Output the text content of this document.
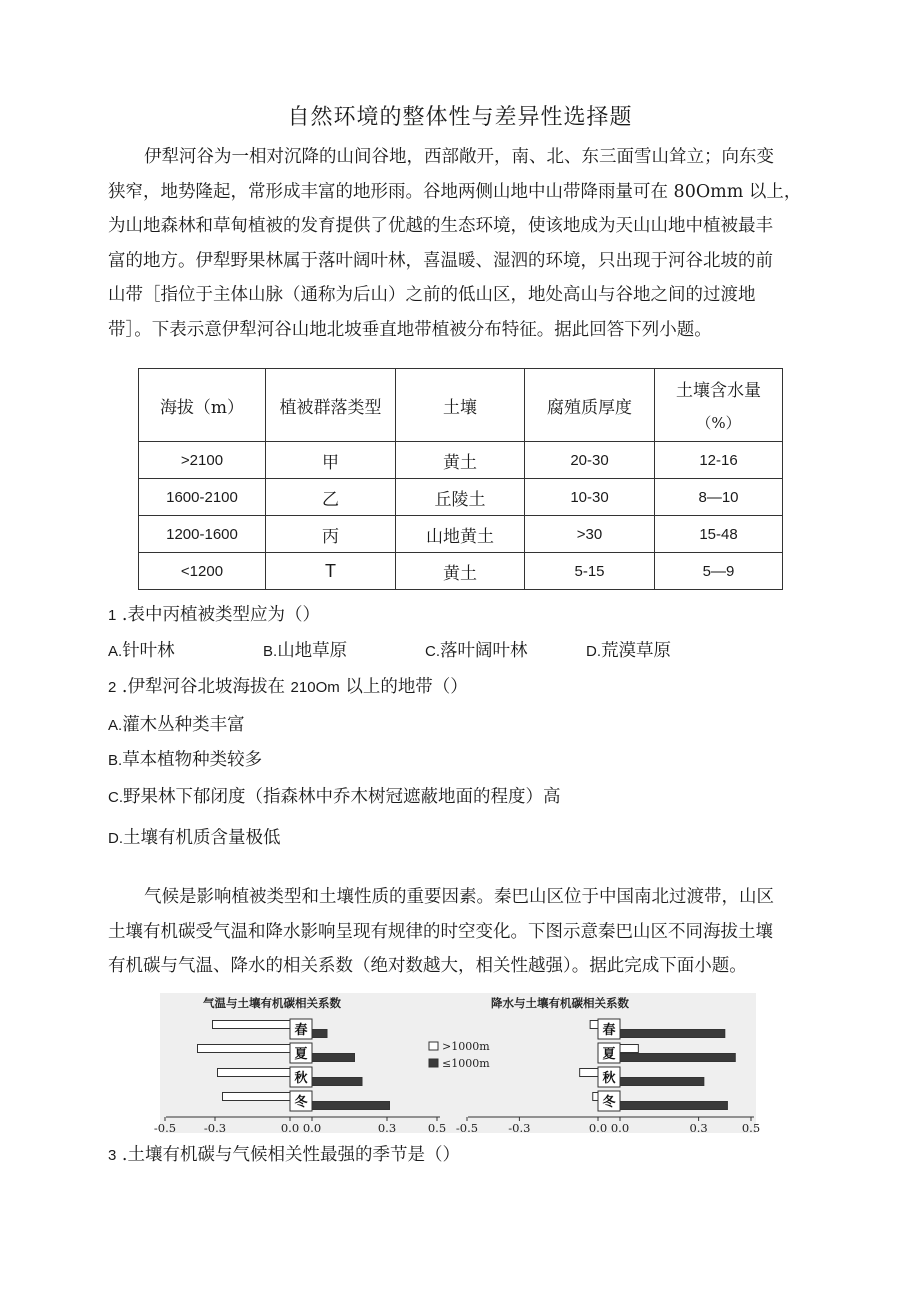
自然环境的整体性与差异性选择题

伊犁河谷为一相对沉降的山间谷地，西部敞开，南、北、东三面雪山耸立；向东变
狭窄，地势隆起，常形成丰富的地形雨。谷地两侧山地中山带降雨量可在 80Omm 以上，
为山地森林和草甸植被的发育提供了优越的生态环境，使该地成为天山山地中植被最丰
富的地方。伊犁野果林属于落叶阔叶林，喜温暖、湿泗的环境，只出现于河谷北坡的前
山带［指位于主体山脉（通称为后山）之前的低山区，地处高山与谷地之间的过渡地
带］。下表示意伊犁河谷山地北坡垂直地带植被分布特征。据此回答下列小题。

海拔（m）	植被群落类型	土壤	腐殖质厚度	土壤含水量
（%）

>2100	甲	黄土	20-30	12-16
1600-2100	乙	丘陵土	10-30	8—10
1200-1600	丙	山地黄土	>30	15-48
<1200	T	黄土	5-15	5—9
1 .表中丙植被类型应为（）
A.针叶林	B.山地草原	C.落叶阔叶林	D.荒漠草原
2 .伊犁河谷北坡海拔在 210Om 以上的地带（）
A.灌木丛种类丰富
B.草本植物种类较多
C.野果林下郁闭度（指森林中乔木树冠遮蔽地面的程度）高
D.土壤有机质含量极低

气候是影响植被类型和土壤性质的重要因素。秦巴山区位于中国南北过渡带，山区
土壤有机碳受气温和降水影响呈现有规律的时空变化。下图示意秦巴山区不同海拔土壤
有机碳与气温、降水的相关系数（绝对数越大，相关性越强）。据此完成下面小题。

气温与土壤有机碳相关系数
春
夏
秋
冬
-0.5 -0.3	0.0 0.0	0.3	0.5
降水与土壤有机碳相关系数
春
夏
秋
冬
-0.5	-0.3	0.0 0.0	0.3	0.5
>1000m
≤1000m
3 .土壤有机碳与气候相关性最强的季节是（）
